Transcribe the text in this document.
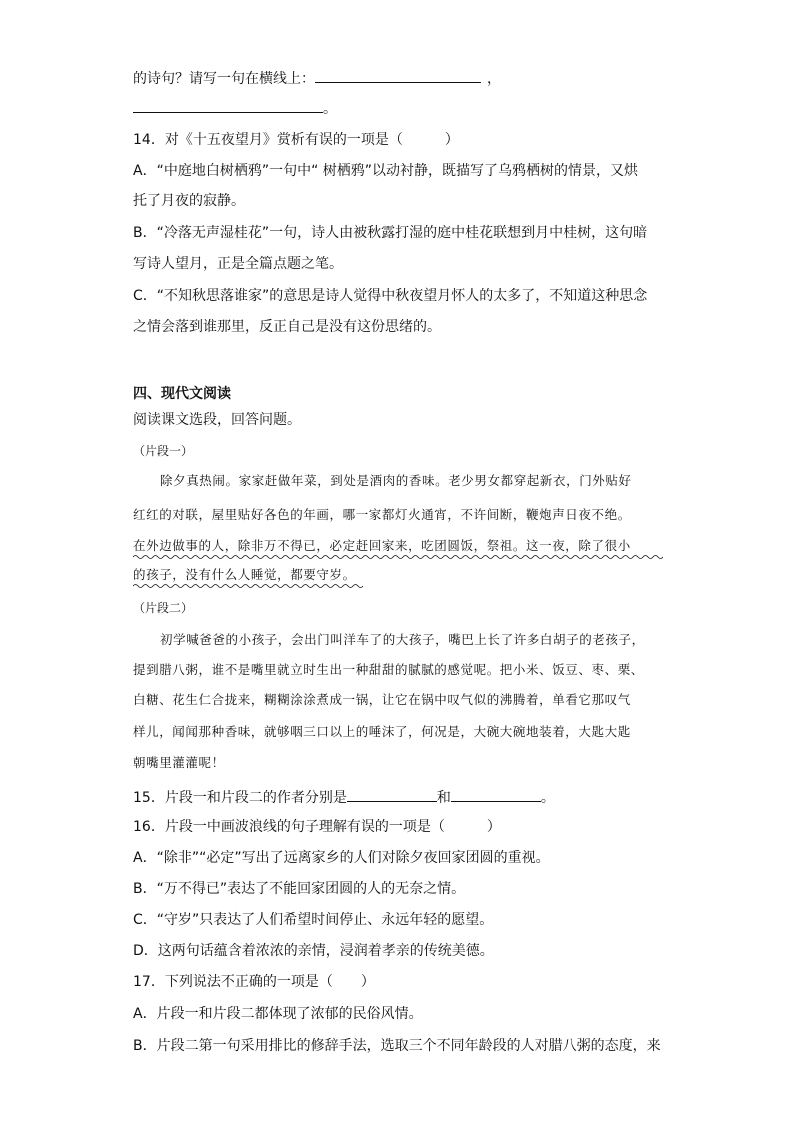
的诗句？请写一句在横线上：	，
。
14．对《十五夜望月》赏析有误的一项是（　　　）
A．“中庭地白树栖鸦”一句中“ 树栖鸦”以动衬静，既描写了乌鸦栖树的情景，又烘
托了月夜的寂静。
B．“冷落无声湿桂花”一句，诗人由被秋露打湿的庭中桂花联想到月中桂树，这句暗
写诗人望月，正是全篇点题之笔。
C．“不知秋思落谁家”的意思是诗人觉得中秋夜望月怀人的太多了，不知道这种思念
之情会落到谁那里，反正自己是没有这份思绪的。
四、现代文阅读
阅读课文选段，回答问题。
（片段一）
除夕真热闹。家家赶做年菜，到处是酒肉的香味。老少男女都穿起新衣，门外贴好
红红的对联，屋里贴好各色的年画，哪一家都灯火通宵，不许间断，鞭炮声日夜不绝。
在外边做事的人，除非万不得已，必定赶回家来，吃团圆饭，祭祖。这一夜，除了很小
的孩子，没有什么人睡觉，都要守岁。
（片段二）
初学喊爸爸的小孩子，会出门叫洋车了的大孩子，嘴巴上长了许多白胡子的老孩子，
提到腊八粥，谁不是嘴里就立时生出一种甜甜的腻腻的感觉呢。把小米、饭豆、枣、栗、
白糖、花生仁合拢来，糊糊涂涂煮成一锅，让它在锅中叹气似的沸腾着，单看它那叹气
样儿，闻闻那种香味，就够咽三口以上的唾沫了，何况是，大碗大碗地装着，大匙大匙
朝嘴里灌灌呢！
15．片段一和片段二的作者分别是	和	。
16．片段一中画波浪线的句子理解有误的一项是（　　　）
A．“除非”“必定”写出了远离家乡的人们对除夕夜回家团圆的重视。
B．“万不得已”表达了不能回家团圆的人的无奈之情。
C．“守岁”只表达了人们希望时间停止、永远年轻的愿望。
D．这两句话蕴含着浓浓的亲情，浸润着孝亲的传统美德。
17．下列说法不正确的一项是（　　）
A．片段一和片段二都体现了浓郁的民俗风情。
B．片段二第一句采用排比的修辞手法，选取三个不同年龄段的人对腊八粥的态度，来
